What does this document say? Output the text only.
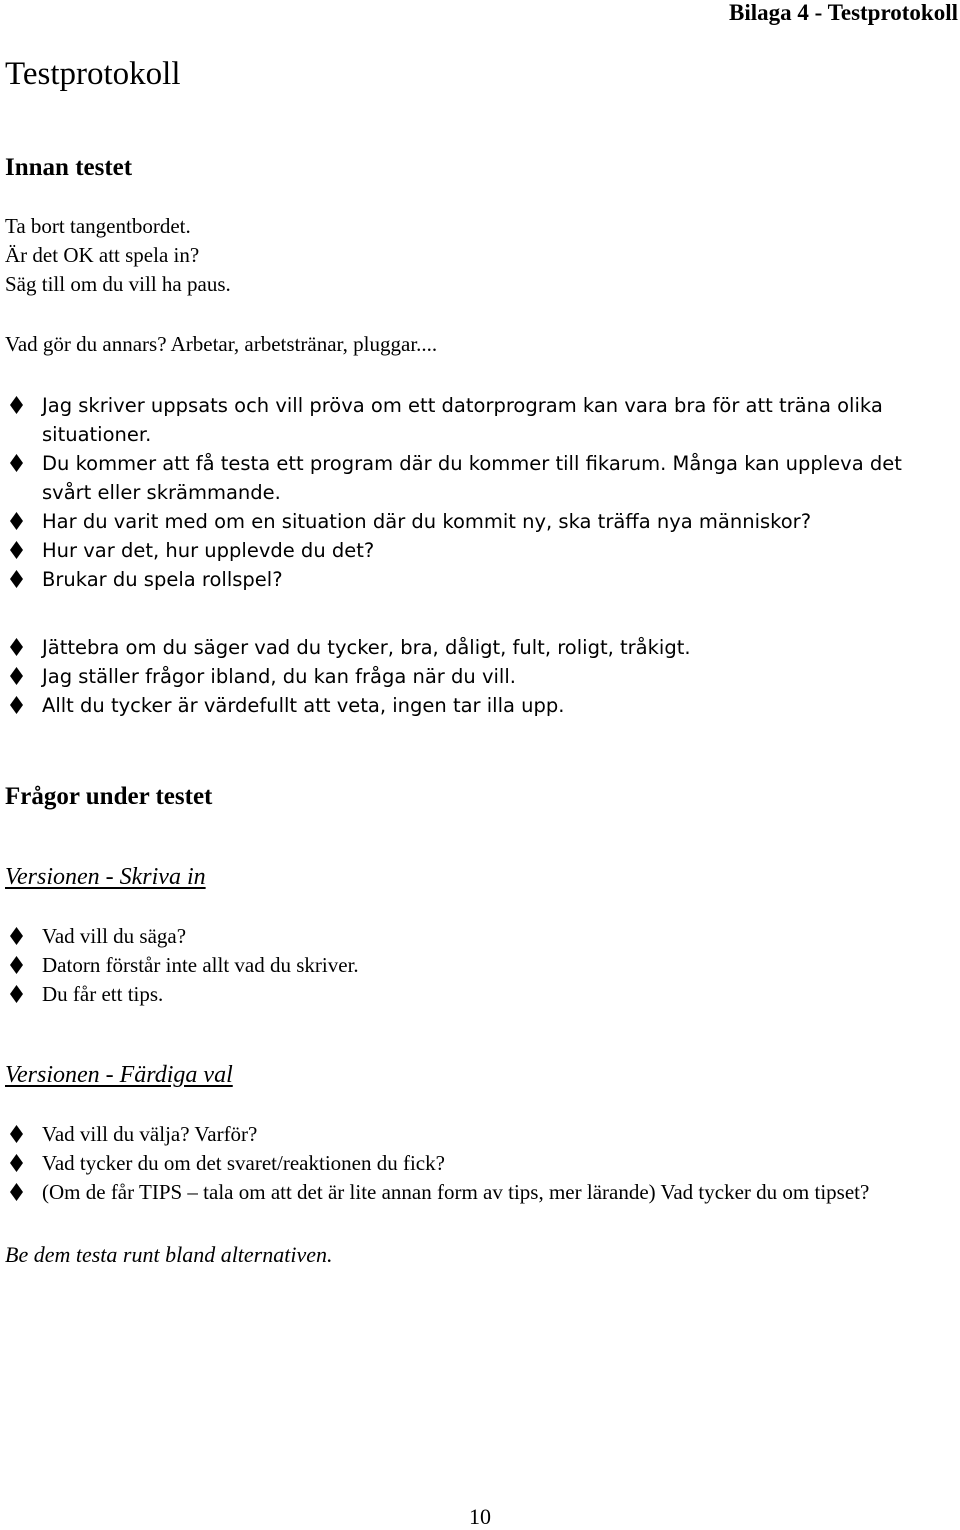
Bilaga 4 - Testprotokoll
Testprotokoll
Innan testet
Ta bort tangentbordet.
Är det OK att spela in?
Säg till om du vill ha paus.
Vad gör du annars? Arbetar, arbetstränar, pluggar....
Jag skriver uppsats och vill pröva om ett datorprogram kan vara bra för att träna olika situationer.
Du kommer att få testa ett program där du kommer till fikarum. Många kan uppleva det svårt eller skrämmande.
Har du varit med om en situation där du kommit ny, ska träffa nya människor?
Hur var det, hur upplevde du det?
Brukar du spela rollspel?
Jättebra om du säger vad du tycker, bra, dåligt, fult, roligt, tråkigt.
Jag ställer frågor ibland, du kan fråga när du vill.
Allt du tycker är värdefullt att veta, ingen tar illa upp.
Frågor under testet
Versionen - Skriva in
Vad vill du säga?
Datorn förstår inte allt vad du skriver.
Du får ett tips.
Versionen - Färdiga val
Vad vill du välja? Varför?
Vad tycker du om det svaret/reaktionen du fick?
(Om de får TIPS – tala om att det är lite annan form av tips, mer lärande) Vad tycker du om tipset?
Be dem testa runt bland alternativen.
10
